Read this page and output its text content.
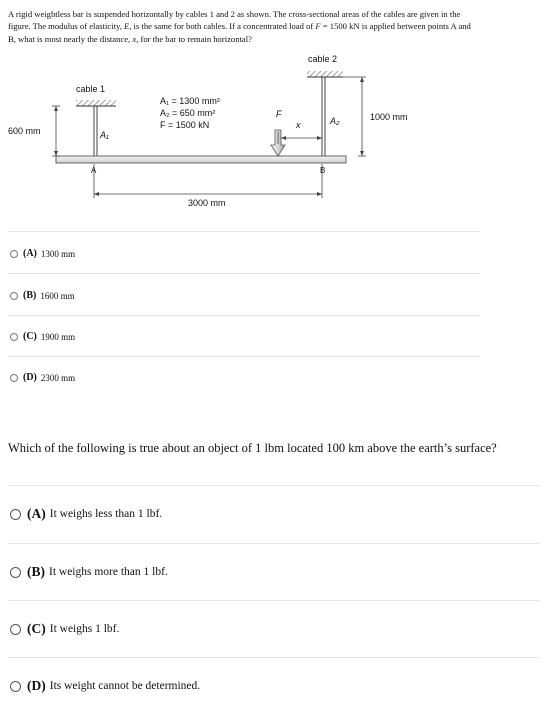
A rigid weightless bar is suspended horizontally by cables 1 and 2 as shown. The cross-sectional areas of the cables are given in the figure. The modulus of elasticity, E, is the same for both cables. If a concentrated load of F = 1500 kN is applied between points A and B, what is most nearly the distance, x, for the bar to remain horizontal?
cable 1
cable 2
A₁ = 1300 mm²
A₂ = 650 mm²
F = 1500 kN
F
x
A₁
A₂
600 mm
1000 mm
3000 mm
A	B
(A) 1300 mm
(B) 1600 mm
(C) 1900 mm
(D) 2300 mm
Which of the following is true about an object of 1 lbm located 100 km above the earth’s surface?
(A) It weighs less than 1 lbf.
(B) It weighs more than 1 lbf.
(C) It weighs 1 lbf.
(D) Its weight cannot be determined.
